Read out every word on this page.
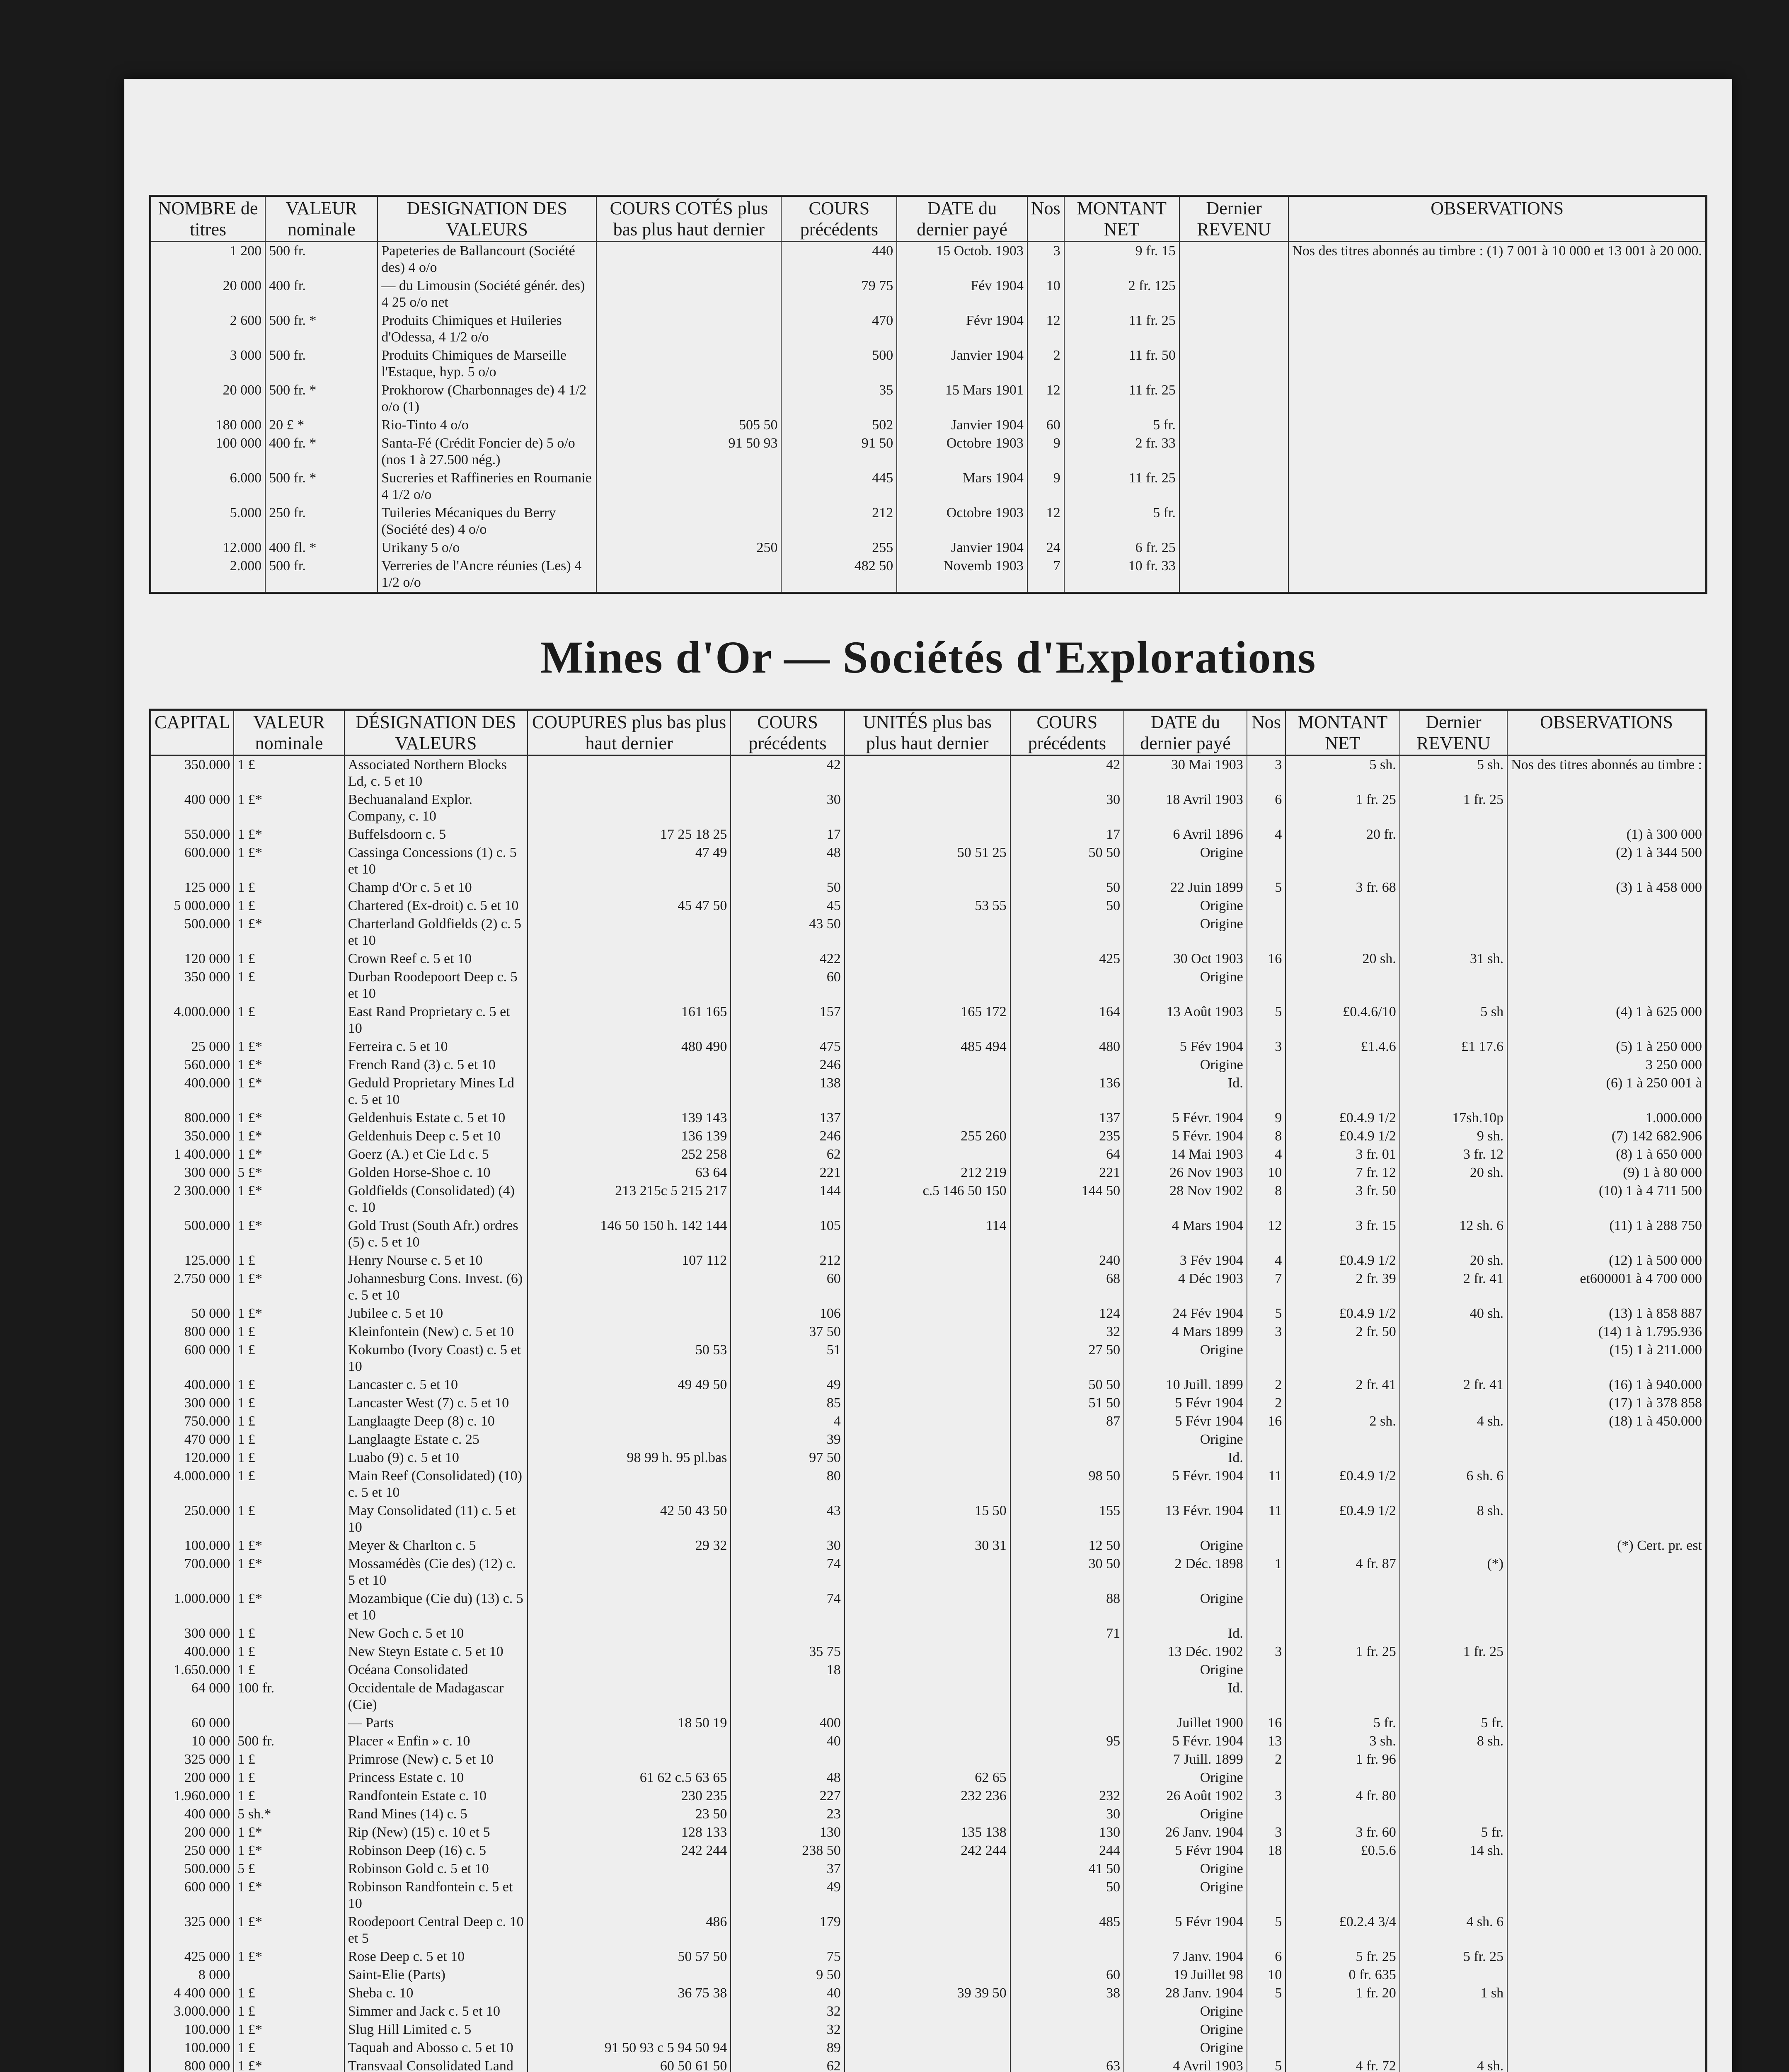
NOMBRE de titres	VALEUR nominale	DESIGNATION DES VALEURS	COURS COTÉS plus bas plus haut dernier	COURS précédents	DATE du dernier payé	Nos	MONTANT NET	Dernier REVENU	OBSERVATIONS
1 200	500 fr.	Papeteries de Ballancourt (Société des) 4 o/o		440	15 Octob. 1903	3	9 fr. 15		Nos des titres abonnés au timbre : (1) 7 001 à 10 000 et 13 001 à 20 000.
20 000	400 fr.	— du Limousin (Société génér. des) 4 25 o/o net		79 75	Fév 1904	10	2 fr. 125		
2 600	500 fr. *	Produits Chimiques et Huileries d'Odessa, 4 1/2 o/o		470	Févr 1904	12	11 fr. 25		
3 000	500 fr.	Produits Chimiques de Marseille l'Estaque, hyp. 5 o/o		500	Janvier 1904	2	11 fr. 50		
20 000	500 fr. *	Prokhorow (Charbonnages de) 4 1/2 o/o (1)		35	15 Mars 1901	12	11 fr. 25		
180 000	20 £ *	Rio-Tinto 4 o/o	505 50	502	Janvier 1904	60	5 fr.		
100 000	400 fr. *	Santa-Fé (Crédit Foncier de) 5 o/o (nos 1 à 27.500 nég.)	91 50 93	91 50	Octobre 1903	9	2 fr. 33		
6.000	500 fr. *	Sucreries et Raffineries en Roumanie 4 1/2 o/o		445	Mars 1904	9	11 fr. 25		
5.000	250 fr.	Tuileries Mécaniques du Berry (Société des) 4 o/o		212	Octobre 1903	12	5 fr.		
12.000	400 fl. *	Urikany 5 o/o	250	255	Janvier 1904	24	6 fr. 25		
2.000	500 fr.	Verreries de l'Ancre réunies (Les) 4 1/2 o/o		482 50	Novemb 1903	7	10 fr. 33		
Mines d'Or — Sociétés d'Explorations
CAPITAL	VALEUR nominale	DÉSIGNATION DES VALEURS	COUPURES plus bas plus haut dernier	COURS précédents	UNITÉS plus bas plus haut dernier	COURS précédents	DATE du dernier payé	Nos	MONTANT NET	Dernier REVENU	OBSERVATIONS
350.000	1 £	Associated Northern Blocks Ld, c. 5 et 10		42		42	30 Mai 1903	3	5 sh.	5 sh.	Nos des titres abonnés au timbre :
400 000	1 £*	Bechuanaland Explor. Company, c. 10		30		30	18 Avril 1903	6	1 fr. 25	1 fr. 25	
550.000	1 £*	Buffelsdoorn c. 5	17 25 18 25	17		17	6 Avril 1896	4	20 fr.		(1) à 300 000
600.000	1 £*	Cassinga Concessions (1) c. 5 et 10	47 49	48	50 51 25	50 50	Origine				(2) 1 à 344 500
125 000	1 £	Champ d'Or c. 5 et 10		50		50	22 Juin 1899	5	3 fr. 68		(3) 1 à 458 000
5 000.000	1 £	Chartered (Ex-droit) c. 5 et 10	45 47 50	45	53 55	50	Origine				
500.000	1 £*	Charterland Goldfields (2) c. 5 et 10		43 50			Origine				
120 000	1 £	Crown Reef c. 5 et 10		422		425	30 Oct 1903	16	20 sh.	31 sh.	
350 000	1 £	Durban Roodepoort Deep c. 5 et 10		60			Origine				
4.000.000	1 £	East Rand Proprietary c. 5 et 10	161 165	157	165 172	164	13 Août 1903	5	£0.4.6/10	5 sh	(4) 1 à 625 000
25 000	1 £*	Ferreira c. 5 et 10	480 490	475	485 494	480	5 Fév 1904	3	£1.4.6	£1 17.6	(5) 1 à 250 000
560.000	1 £*	French Rand (3) c. 5 et 10		246			Origine				3 250 000
400.000	1 £*	Geduld Proprietary Mines Ld c. 5 et 10		138		136	Id.				(6) 1 à 250 001 à
800.000	1 £*	Geldenhuis Estate c. 5 et 10	139 143	137		137	5 Févr. 1904	9	£0.4.9 1/2	17sh.10p	1.000.000
350.000	1 £*	Geldenhuis Deep c. 5 et 10	136 139	246	255 260	235	5 Févr. 1904	8	£0.4.9 1/2	9 sh.	(7) 142 682.906
1 400.000	1 £*	Goerz (A.) et Cie Ld c. 5	252 258	62		64	14 Mai 1903	4	3 fr. 01	3 fr. 12	(8) 1 à 650 000
300 000	5 £*	Golden Horse-Shoe c. 10	63 64	221	212 219	221	26 Nov 1903	10	7 fr. 12	20 sh.	(9) 1 à 80 000
2 300.000	1 £*	Goldfields (Consolidated) (4) c. 10	213 215c 5 215 217	144	c.5 146 50 150	144 50	28 Nov 1902	8	3 fr. 50		(10) 1 à 4 711 500
500.000	1 £*	Gold Trust (South Afr.) ordres (5) c. 5 et 10	146 50 150 h. 142 144	105	114		4 Mars 1904	12	3 fr. 15	12 sh. 6	(11) 1 à 288 750
125.000	1 £	Henry Nourse c. 5 et 10	107 112	212		240	3 Fév 1904	4	£0.4.9 1/2	20 sh.	(12) 1 à 500 000
2.750 000	1 £*	Johannesburg Cons. Invest. (6) c. 5 et 10		60		68	4 Déc 1903	7	2 fr. 39	2 fr. 41	et600001 à 4 700 000
50 000	1 £*	Jubilee c. 5 et 10		106		124	24 Fév 1904	5	£0.4.9 1/2	40 sh.	(13) 1 à 858 887
800 000	1 £	Kleinfontein (New) c. 5 et 10		37 50		32	4 Mars 1899	3	2 fr. 50		(14) 1 à 1.795.936
600 000	1 £	Kokumbo (Ivory Coast) c. 5 et 10	50 53	51		27 50	Origine				(15) 1 à 211.000
400.000	1 £	Lancaster c. 5 et 10	49 49 50	49		50 50	10 Juill. 1899	2	2 fr. 41	2 fr. 41	(16) 1 à 940.000
300 000	1 £	Lancaster West (7) c. 5 et 10		85		51 50	5 Févr 1904	2			(17) 1 à 378 858
750.000	1 £	Langlaagte Deep (8) c. 10		4		87	5 Févr 1904	16	2 sh.	4 sh.	(18) 1 à 450.000
470 000	1 £	Langlaagte Estate c. 25		39			Origine				
120.000	1 £	Luabo (9) c. 5 et 10	98 99 h. 95 pl.bas	97 50			Id.				
4.000.000	1 £	Main Reef (Consolidated) (10) c. 5 et 10		80		98 50	5 Févr. 1904	11	£0.4.9 1/2	6 sh. 6	
250.000	1 £	May Consolidated (11) c. 5 et 10	42 50 43 50	43	15 50	155	13 Févr. 1904	11	£0.4.9 1/2	8 sh.	
100.000	1 £*	Meyer & Charlton c. 5	29 32	30	30 31	12 50	Origine				(*) Cert. pr. est
700.000	1 £*	Mossamédès (Cie des) (12) c. 5 et 10		74		30 50	2 Déc. 1898	1	4 fr. 87	(*)	
1.000.000	1 £*	Mozambique (Cie du) (13) c. 5 et 10		74		88	Origine				
300 000	1 £	New Goch c. 5 et 10				71	Id.				
400.000	1 £	New Steyn Estate c. 5 et 10		35 75			13 Déc. 1902	3	1 fr. 25	1 fr. 25	
1.650.000	1 £	Océana Consolidated		18			Origine				
64 000	100 fr.	Occidentale de Madagascar (Cie)					Id.				
60 000		— Parts	18 50 19	400			Juillet 1900	16	5 fr.	5 fr.	
10 000	500 fr.	Placer « Enfin » c. 10		40		95	5 Févr. 1904	13	3 sh.	8 sh.	
325 000	1 £	Primrose (New) c. 5 et 10					7 Juill. 1899	2	1 fr. 96		
200 000	1 £	Princess Estate c. 10	61 62 c.5 63 65	48	62 65		Origine				
1.960.000	1 £	Randfontein Estate c. 10	230 235	227	232 236	232	26 Août 1902	3	4 fr. 80		
400 000	5 sh.*	Rand Mines (14) c. 5	23 50	23		30	Origine				
200 000	1 £*	Rip (New) (15) c. 10 et 5	128 133	130	135 138	130	26 Janv. 1904	3	3 fr. 60	5 fr.	
250 000	1 £*	Robinson Deep (16) c. 5	242 244	238 50	242 244	244	5 Févr 1904	18	£0.5.6	14 sh.	
500.000	5 £	Robinson Gold c. 5 et 10		37		41 50	Origine				
600 000	1 £*	Robinson Randfontein c. 5 et 10		49		50	Origine				
325 000	1 £*	Roodepoort Central Deep c. 10 et 5	486	179		485	5 Févr 1904	5	£0.2.4 3/4	4 sh. 6	
425 000	1 £*	Rose Deep c. 5 et 10	50 57 50	75			7 Janv. 1904	6	5 fr. 25	5 fr. 25	
8 000		Saint-Elie (Parts)		9 50		60	19 Juillet 98	10	0 fr. 635		
4 400 000	1 £	Sheba c. 10	36 75 38	40	39 39 50	38	28 Janv. 1904	5	1 fr. 20	1 sh	
3.000.000	1 £	Simmer and Jack c. 5 et 10		32			Origine				
100.000	1 £*	Slug Hill Limited c. 5		32			Origine				
100.000	1 £	Taquah and Abosso c. 5 et 10	91 50 93 c 5 94 50 94	89			Origine				
800 000	1 £*	Transvaal Consolidated Land	60 50 61 50	62		63	4 Avril 1903	5	4 fr. 72	4 sh.	
